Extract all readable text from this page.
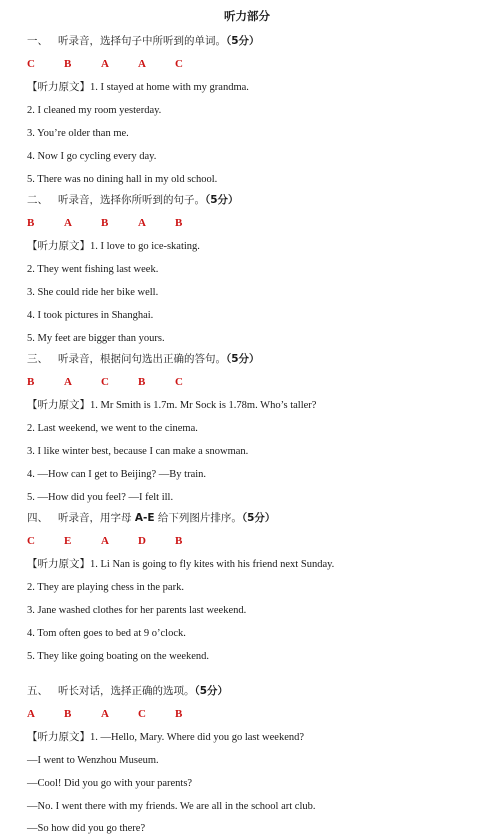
听力部分
一、 听录音，选择句子中所听到的单词。（5分）
C	B	A	A	C
【听力原文】1. I stayed at home with my grandma.
2. I cleaned my room yesterday.
3. You’re older than me.
4. Now I go cycling every day.
5. There was no dining hall in my old school.
二、 听录音，选择你所听到的句子。（5分）
B	A	B	A	B
【听力原文】1. I love to go ice-skating.
2. They went fishing last week.
3. She could ride her bike well.
4. I took pictures in Shanghai.
5. My feet are bigger than yours.
三、 听录音，根据问句选出正确的答句。（5分）
B	A	C	B	C
【听力原文】1. Mr Smith is 1.7m. Mr Sock is 1.78m. Who’s taller?
2. Last weekend, we went to the cinema.
3. I like winter best, because I can make a snowman.
4. —How can I get to Beijing? —By train.
5. —How did you feel? —I felt ill.
四、 听录音，用字母 A-E 给下列图片排序。（5分）
C	E	A	D	B
【听力原文】1. Li Nan is going to fly kites with his friend next Sunday.
2. They are playing chess in the park.
3. Jane washed clothes for her parents last weekend.
4. Tom often goes to bed at 9 o’clock.
5. They like going boating on the weekend.
五、 听长对话，选择正确的选项。（5分）
A	B	A	C	B
【听力原文】1. —Hello, Mary. Where did you go last weekend?
—I went to Wenzhou Museum.
—Cool! Did you go with your parents?
—No. I went there with my friends. We are all in the school art club.
—So how did you go there?
